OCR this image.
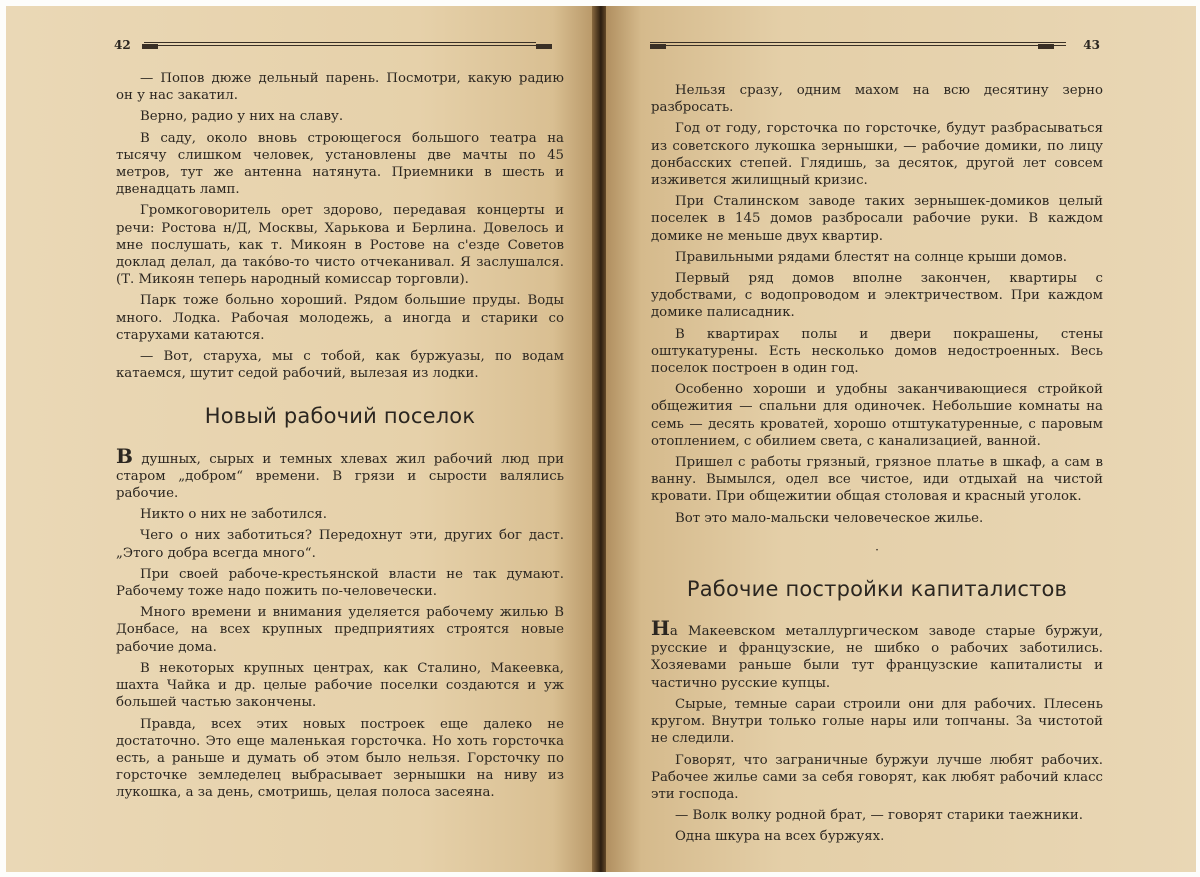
42

— Попов дюже дельный парень. Посмотри, какую радию он у нас закатил.

Верно, радио у них на славу.

В саду, около вновь строющегося большого театра на тысячу слишком человек, установлены две мачты по 45 метров, тут же антенна натянута. Приемники в шесть и двенадцать ламп.

Громкоговоритель орет здорово, передавая концерты и речи: Ростова н/Д, Москвы, Харькова и Берлина. Довелось и мне послушать, как т. Микоян в Ростове на с'езде Советов доклад делал, да тако́во-то чисто отчеканивал. Я заслушался. (Т. Микоян теперь народный комиссар торговли).

Парк тоже больно хороший. Рядом большие пруды. Воды много. Лодка. Рабочая молодежь, а иногда и старики со старухами катаются.

— Вот, старуха, мы с тобой, как буржуазы, по водам катаемся, шутит седой рабочий, вылезая из лодки.

Новый рабочий поселок

В душных, сырых и темных хлевах жил рабочий люд при старом „добром“ времени. В грязи и сырости валялись рабочие.

Никто о них не заботился.

Чего о них заботиться? Передохнут эти, других бог даст. „Этого добра всегда много“.

При своей рабоче-крестьянской власти не так думают. Рабочему тоже надо пожить по-человечески.

Много времени и внимания уделяется рабочему жилью В Донбасе, на всех крупных предприятиях строятся новые рабочие дома.

В некоторых крупных центрах, как Сталино, Макеевка, шахта Чайка и др. целые рабочие поселки создаются и уж большей частью закончены.

Правда, всех этих новых построек еще далеко не достаточно. Это еще маленькая горсточка. Но хоть горсточка есть, а раньше и думать об этом было нельзя. Горсточку по горсточке земледелец выбрасывает зернышки на ниву из лукошка, а за день, смотришь, целая полоса засеяна.

43

Нельзя сразу, одним махом на всю десятину зерно разбросать.

Год от году, горсточка по горсточке, будут разбрасываться из советского лукошка зернышки, — рабочие домики, по лицу донбасских степей. Глядишь, за десяток, другой лет совсем изживется жилищный кризис.

При Сталинском заводе таких зернышек-домиков целый поселек в 145 домов разбросали рабочие руки. В каждом домике не меньше двух квартир.

Правильными рядами блестят на солнце крыши домов.

Первый ряд домов вполне закончен, квартиры с удобствами, с водопроводом и электричеством. При каждом домике палисадник.

В квартирах полы и двери покрашены, стены оштукатурены. Есть несколько домов недостроенных. Весь поселок построен в один год.

Особенно хороши и удобны заканчивающиеся стройкой общежития — спальни для одиночек. Небольшие комнаты на семь — десять кроватей, хорошо отштукатуренные, с паровым отоплением, с обилием света, с канализацией, ванной.

Пришел с работы грязный, грязное платье в шкаф, а сам в ванну. Вымылся, одел все чистое, иди отдыхай на чистой кровати. При общежитии общая столовая и красный уголок.

Вот это мало-мальски человеческое жилье.

·
Рабочие постройки капиталистов

На Макеевском металлургическом заводе старые буржуи, русские и французские, не шибко о рабочих заботились. Хозяевами раньше были тут французские капиталисты и частично русские купцы.

Сырые, темные сараи строили они для рабочих. Плесень кругом. Внутри только голые нары или топчаны. За чистотой не следили.

Говорят, что заграничные буржуи лучше любят рабочих. Рабочее жилье сами за себя говорят, как любят рабочий класс эти господа.

— Волк волку родной брат, — говорят старики таежники.

Одна шкура на всех буржуях.
